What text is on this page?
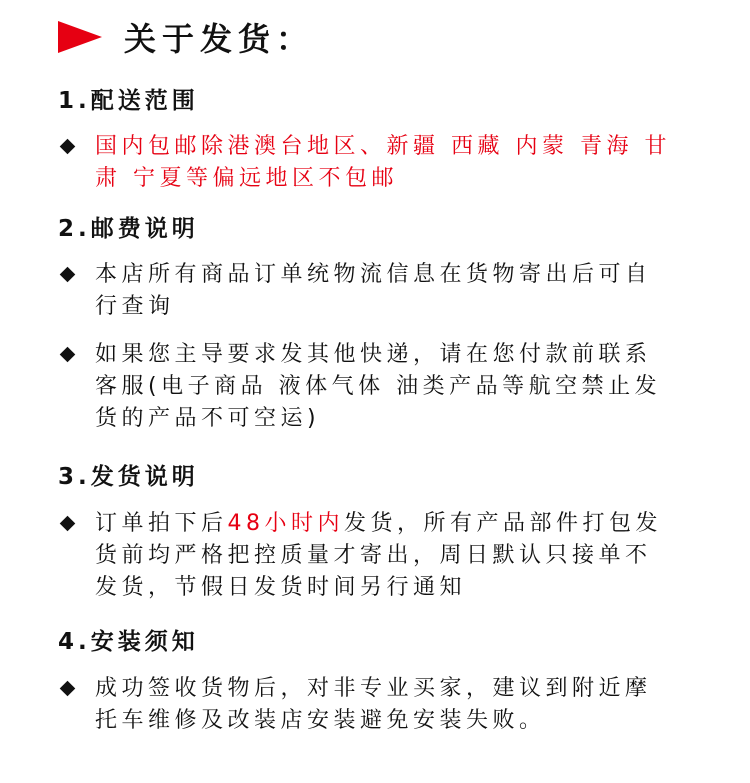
关于发货：
1.配送范围
国内包邮除港澳台地区、新疆 西藏 内蒙 青海 甘
肃 宁夏等偏远地区不包邮
2.邮费说明
本店所有商品订单统物流信息在货物寄出后可自
行查询
如果您主导要求发其他快递，请在您付款前联系
客服(电子商品 液体气体 油类产品等航空禁止发
货的产品不可空运)
3.发货说明
订单拍下后48小时内发货，所有产品部件打包发
货前均严格把控质量才寄出，周日默认只接单不
发货，节假日发货时间另行通知
4.安装须知
成功签收货物后，对非专业买家，建议到附近摩
托车维修及改装店安装避免安装失败。
